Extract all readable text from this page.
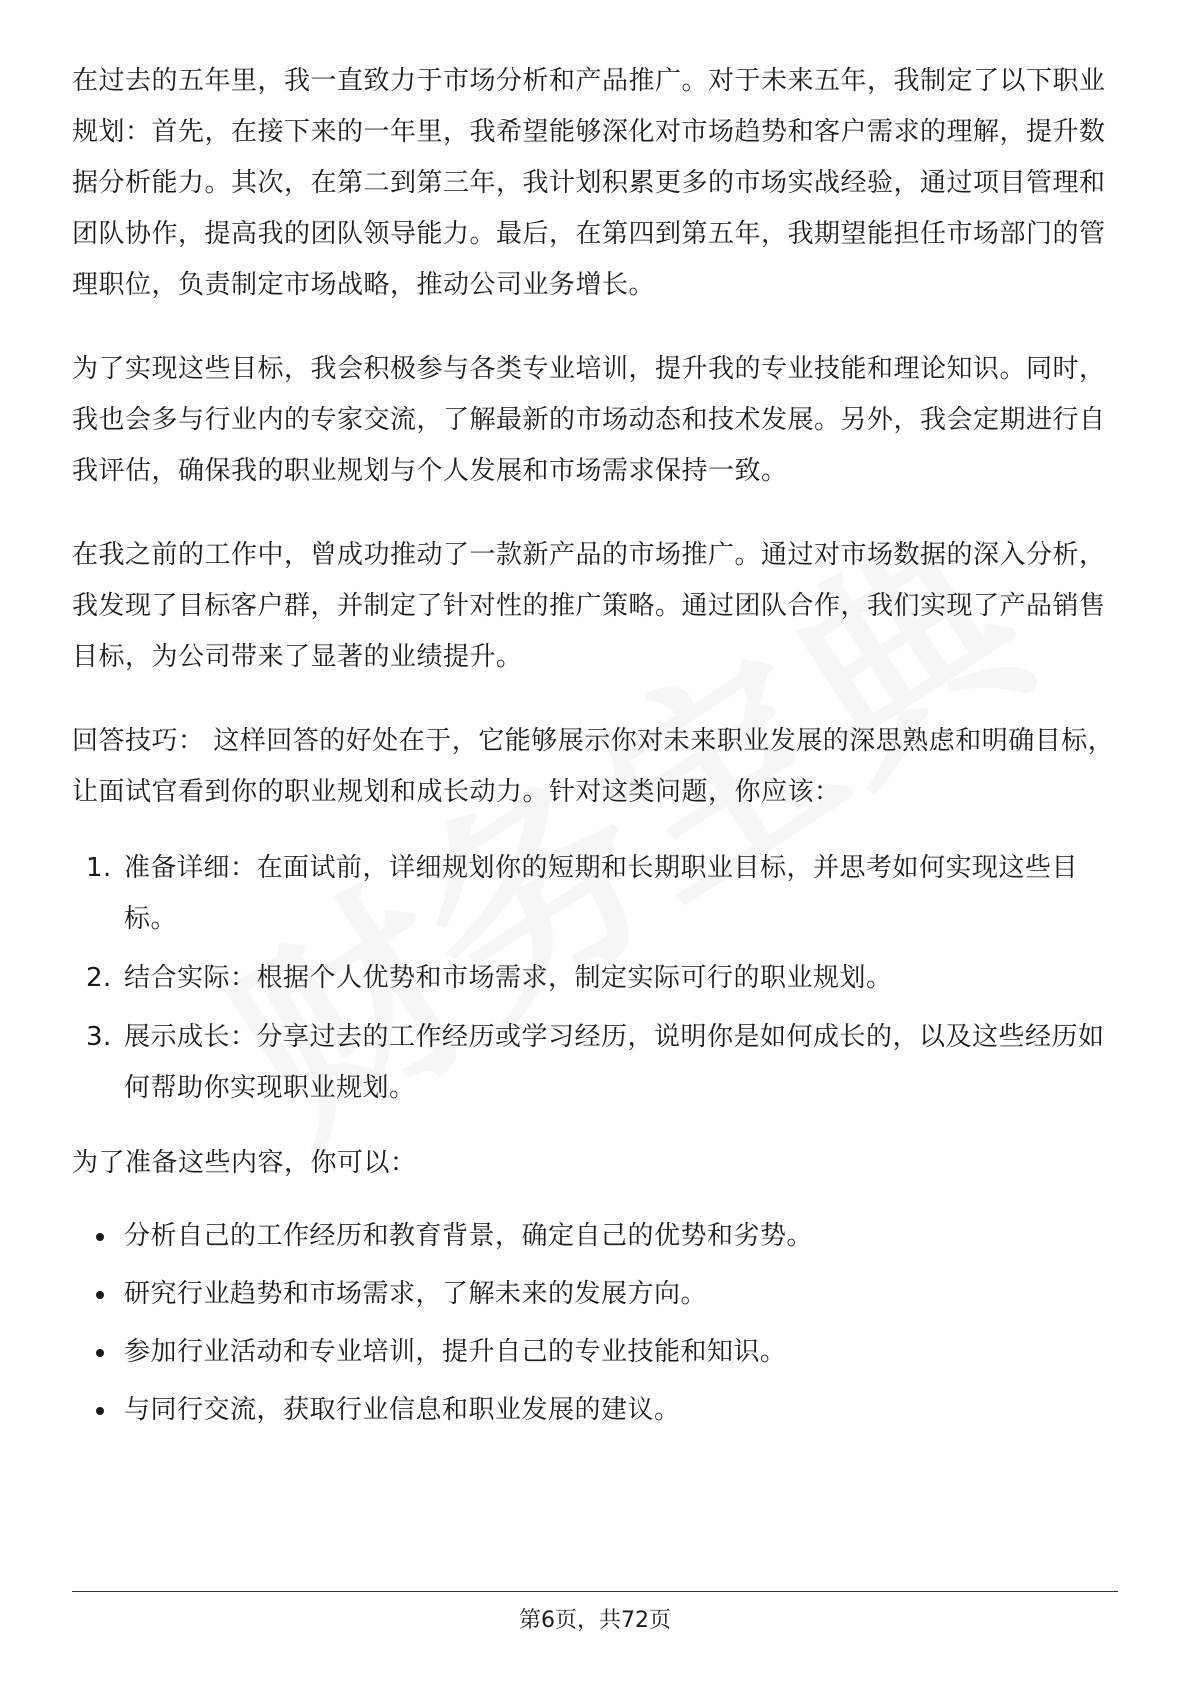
在过去的五年里，我一直致力于市场分析和产品推广。对于未来五年，我制定了以下职业规划：首先，在接下来的一年里，我希望能够深化对市场趋势和客户需求的理解，提升数据分析能力。其次，在第二到第三年，我计划积累更多的市场实战经验，通过项目管理和团队协作，提高我的团队领导能力。最后，在第四到第五年，我期望能担任市场部门的管理职位，负责制定市场战略，推动公司业务增长。

为了实现这些目标，我会积极参与各类专业培训，提升我的专业技能和理论知识。同时，我也会多与行业内的专家交流，了解最新的市场动态和技术发展。另外，我会定期进行自我评估，确保我的职业规划与个人发展和市场需求保持一致。

在我之前的工作中，曾成功推动了一款新产品的市场推广。通过对市场数据的深入分析，我发现了目标客户群，并制定了针对性的推广策略。通过团队合作，我们实现了产品销售目标，为公司带来了显著的业绩提升。

回答技巧： 这样回答的好处在于，它能够展示你对未来职业发展的深思熟虑和明确目标，让面试官看到你的职业规划和成长动力。针对这类问题，你应该：

1. 准备详细：在面试前，详细规划你的短期和长期职业目标，并思考如何实现这些目标。
2. 结合实际：根据个人优势和市场需求，制定实际可行的职业规划。
3. 展示成长：分享过去的工作经历或学习经历，说明你是如何成长的，以及这些经历如何帮助你实现职业规划。

为了准备这些内容，你可以：

分析自己的工作经历和教育背景，确定自己的优势和劣势。
研究行业趋势和市场需求，了解未来的发展方向。
参加行业活动和专业培训，提升自己的专业技能和知识。
与同行交流，获取行业信息和职业发展的建议。
第6页，共72页
